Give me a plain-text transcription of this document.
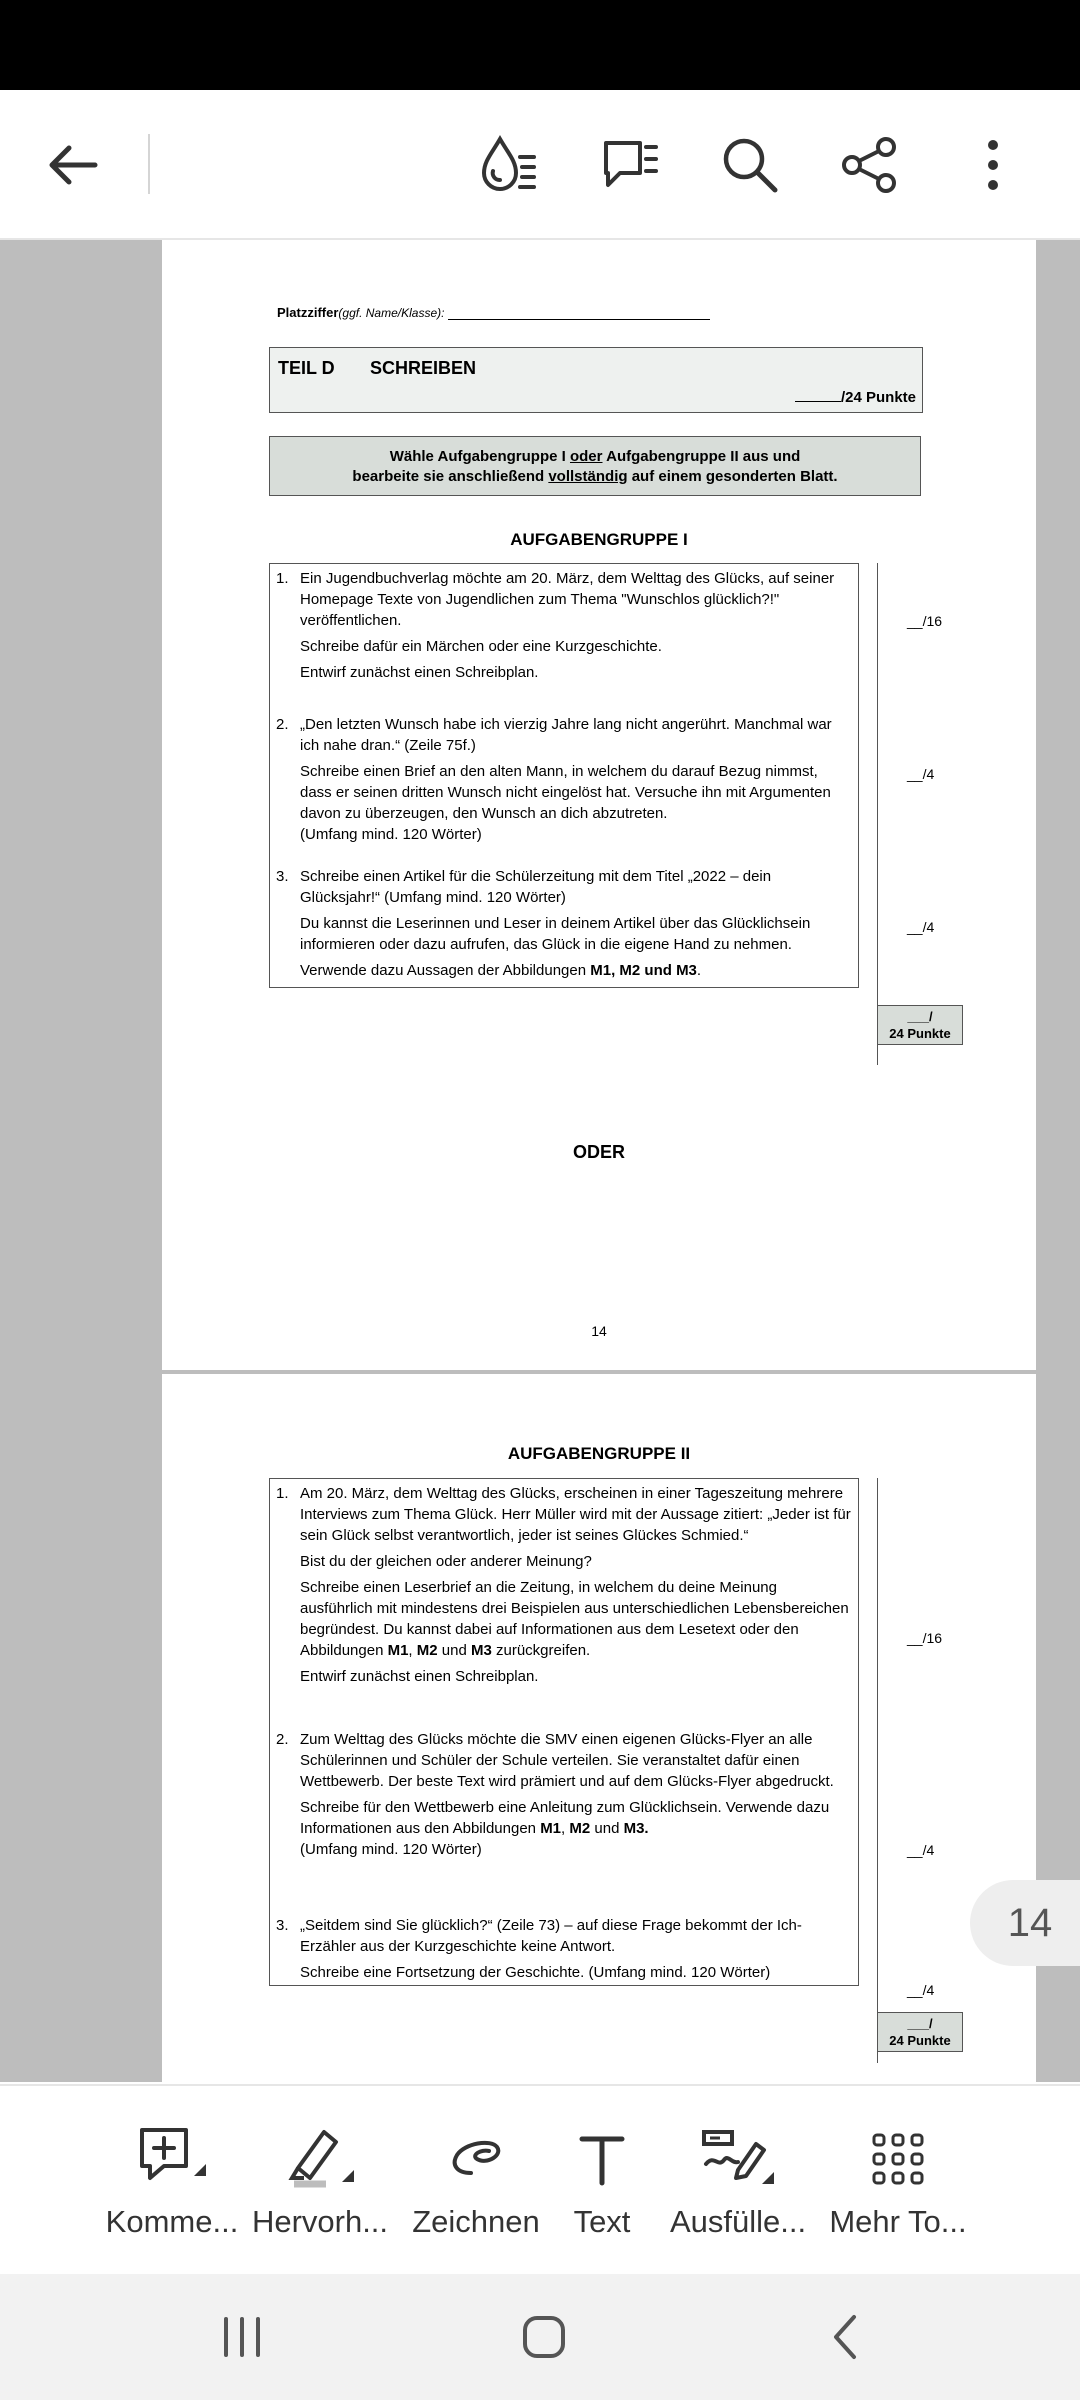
Platzziffer(ggf. Name/Klasse):
TEIL D SCHREIBEN
/24 Punkte
Wähle Aufgabengruppe I oder Aufgabengruppe II aus und
bearbeite sie anschließend vollständig auf einem gesonderten Blatt.
AUFGABENGRUPPE I
1. Ein Jugendbuchverlag möchte am 20. März, dem Welttag des Glücks, auf seiner Homepage Texte von Jugendlichen zum Thema "Wunschlos glücklich?!" veröffentlichen.

Schreibe dafür ein Märchen oder eine Kurzgeschichte.

Entwirf zunächst einen Schreibplan.

2. „Den letzten Wunsch habe ich vierzig Jahre lang nicht angerührt. Manchmal war ich nahe dran.“ (Zeile 75f.)

Schreibe einen Brief an den alten Mann, in welchem du darauf Bezug nimmst, dass er seinen dritten Wunsch nicht eingelöst hat. Versuche ihn mit Argumenten davon zu überzeugen, den Wunsch an dich abzutreten.

(Umfang mind. 120 Wörter)

3. Schreibe einen Artikel für die Schülerzeitung mit dem Titel „2022 – dein Glücksjahr!“ (Umfang mind. 120 Wörter)

Du kannst die Leserinnen und Leser in deinem Artikel über das Glücklichsein informieren oder dazu aufrufen, das Glück in die eigene Hand zu nehmen.

Verwende dazu Aussagen der Abbildungen M1, M2 und M3.

__/16
__/4
__/4
___/
24 Punkte
ODER
14
AUFGABENGRUPPE II
1. Am 20. März, dem Welttag des Glücks, erscheinen in einer Tageszeitung mehrere Interviews zum Thema Glück. Herr Müller wird mit der Aussage zitiert: „Jeder ist für sein Glück selbst verantwortlich, jeder ist seines Glückes Schmied.“

Bist du der gleichen oder anderer Meinung?

Schreibe einen Leserbrief an die Zeitung, in welchem du deine Meinung ausführlich mit mindestens drei Beispielen aus unterschiedlichen Lebensbereichen begründest. Du kannst dabei auf Informationen aus dem Lesetext oder den Abbildungen M1, M2 und M3 zurückgreifen.

Entwirf zunächst einen Schreibplan.

2. Zum Welttag des Glücks möchte die SMV einen eigenen Glücks-Flyer an alle Schülerinnen und Schüler der Schule verteilen. Sie veranstaltet dafür einen Wettbewerb. Der beste Text wird prämiert und auf dem Glücks-Flyer abgedruckt.

Schreibe für den Wettbewerb eine Anleitung zum Glücklichsein. Verwende dazu Informationen aus den Abbildungen M1, M2 und M3.

(Umfang mind. 120 Wörter)

3. „Seitdem sind Sie glücklich?“ (Zeile 73) – auf diese Frage bekommt der Ich-Erzähler aus der Kurzgeschichte keine Antwort.

Schreibe eine Fortsetzung der Geschichte. (Umfang mind. 120 Wörter)

__/16
__/4
__/4
___/
24 Punkte
14
Komme... Hervorh... Zeichnen	Text	Ausfülle... Mehr To...
